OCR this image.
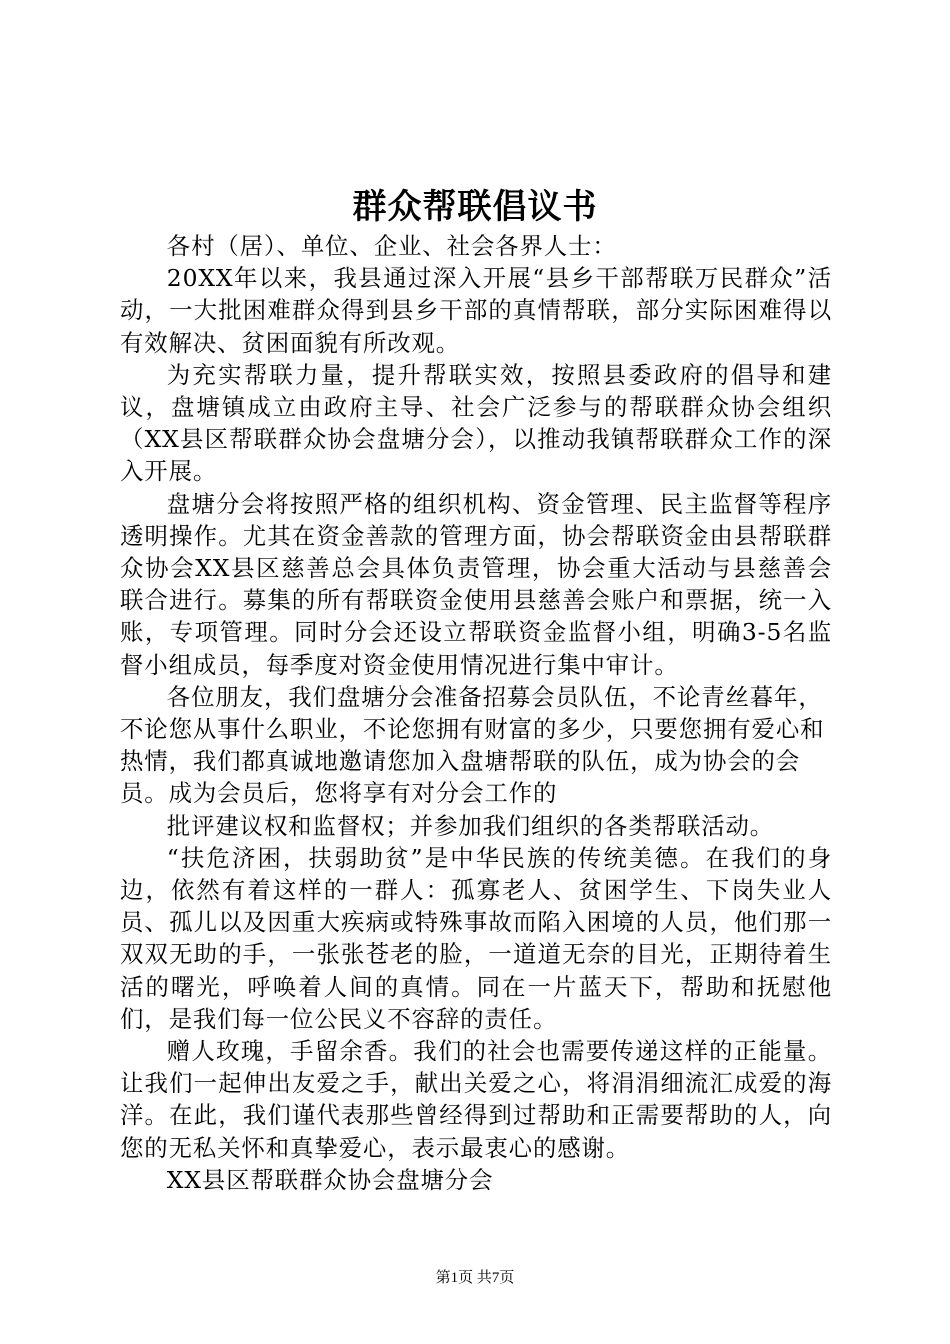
群众帮联倡议书

各村（居）、单位、企业、社会各界人士：

20XX年以来，我县通过深入开展“县乡干部帮联万民群众”活动，一大批困难群众得到县乡干部的真情帮联，部分实际困难得以有效解决、贫困面貌有所改观。

为充实帮联力量，提升帮联实效，按照县委政府的倡导和建议，盘塘镇成立由政府主导、社会广泛参与的帮联群众协会组织（XX县区帮联群众协会盘塘分会），以推动我镇帮联群众工作的深入开展。

盘塘分会将按照严格的组织机构、资金管理、民主监督等程序透明操作。尤其在资金善款的管理方面，协会帮联资金由县帮联群众协会XX县区慈善总会具体负责管理，协会重大活动与县慈善会联合进行。募集的所有帮联资金使用县慈善会账户和票据，统一入账，专项管理。同时分会还设立帮联资金监督小组，明确3-5名监督小组成员，每季度对资金使用情况进行集中审计。

各位朋友，我们盘塘分会准备招募会员队伍，不论青丝暮年，不论您从事什么职业，不论您拥有财富的多少，只要您拥有爱心和热情，我们都真诚地邀请您加入盘塘帮联的队伍，成为协会的会员。成为会员后，您将享有对分会工作的

批评建议权和监督权；并参加我们组织的各类帮联活动。

“扶危济困，扶弱助贫”是中华民族的传统美德。在我们的身边，依然有着这样的一群人：孤寡老人、贫困学生、下岗失业人员、孤儿以及因重大疾病或特殊事故而陷入困境的人员，他们那一双双无助的手，一张张苍老的脸，一道道无奈的目光，正期待着生活的曙光，呼唤着人间的真情。同在一片蓝天下，帮助和抚慰他们，是我们每一位公民义不容辞的责任。

赠人玫瑰，手留余香。我们的社会也需要传递这样的正能量。让我们一起伸出友爱之手，献出关爱之心，将涓涓细流汇成爱的海洋。在此，我们谨代表那些曾经得到过帮助和正需要帮助的人，向您的无私关怀和真挚爱心，表示最衷心的感谢。

XX县区帮联群众协会盘塘分会

第1页 共7页
